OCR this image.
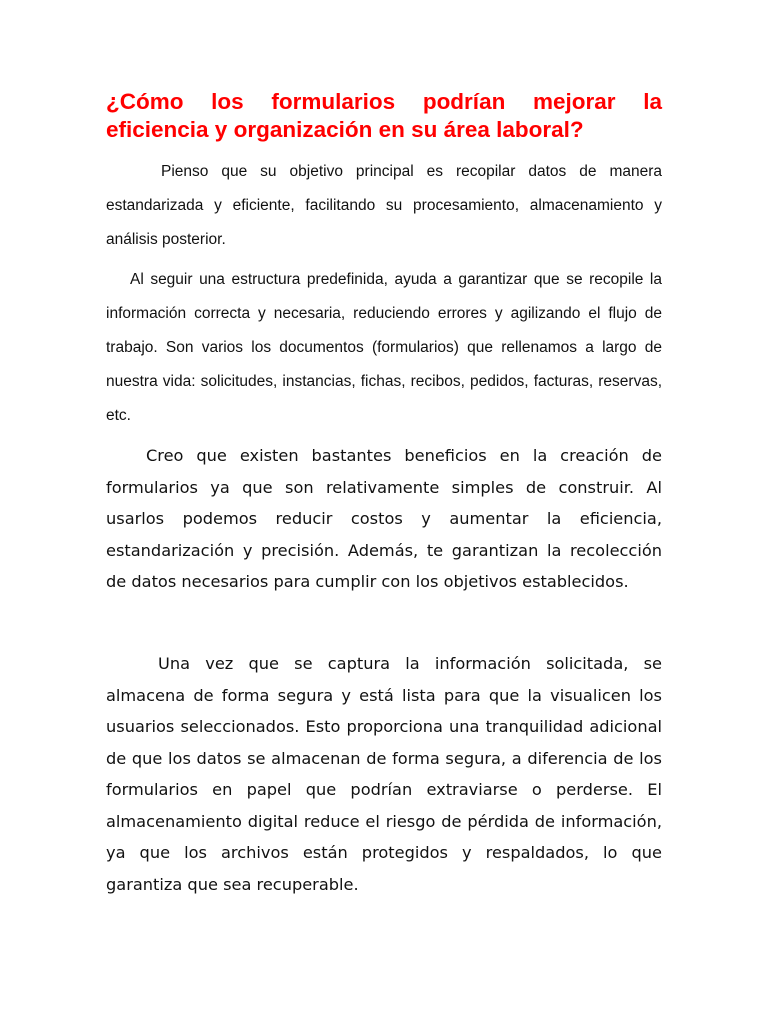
¿Cómo los formularios podrían mejorar la eficiencia y organización en su área laboral?

Pienso que su objetivo principal es recopilar datos de manera estandarizada y eficiente, facilitando su procesamiento, almacenamiento y análisis posterior.

Al seguir una estructura predefinida, ayuda a garantizar que se recopile la información correcta y necesaria, reduciendo errores y agilizando el flujo de trabajo. Son varios los documentos (formularios) que rellenamos a largo de nuestra vida: solicitudes, instancias, fichas, recibos, pedidos, facturas, reservas, etc.

Creo que existen bastantes beneficios en la creación de formularios ya que son relativamente simples de construir. Al usarlos podemos reducir costos y aumentar la eficiencia, estandarización y precisión. Además, te garantizan la recolección de datos necesarios para cumplir con los objetivos establecidos.

Una vez que se captura la información solicitada, se almacena de forma segura y está lista para que la visualicen los usuarios seleccionados. Esto proporciona una tranquilidad adicional de que los datos se almacenan de forma segura, a diferencia de los formularios en papel que podrían extraviarse o perderse. El almacenamiento digital reduce el riesgo de pérdida de información, ya que los archivos están protegidos y respaldados, lo que garantiza que sea recuperable.
